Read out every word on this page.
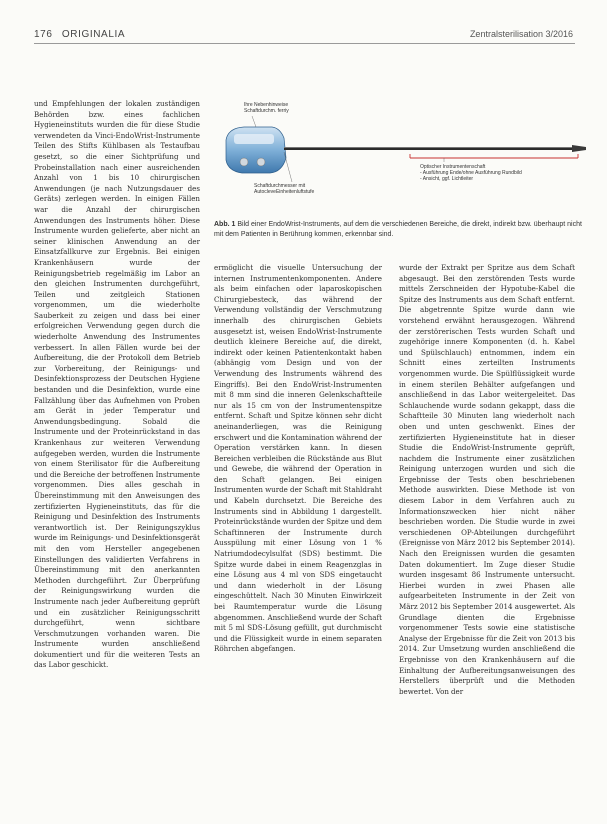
176 ORIGINALIA	Zentralsterilisation 3/2016
Ihre Nebenhinweise
Schaftdurchm. ferriy
Optischer Instrumentenschaft
- Ausführung Ende/ohne Ausführung Rundbild
- Ansicht, ggf. Lichtleiter
Schaftdurchmesser mit
AutocleveEinheitenluftstufe
Abb. 1 Bild einer EndoWrist-Instruments, auf dem die verschiedenen Bereiche, die direkt, indirekt bzw. überhaupt nicht mit dem Patienten in Berührung kommen, erkennbar sind.

und Empfehlungen der lokalen zuständigen Behörden bzw. eines fachlichen Hygieneinstituts wurden die für diese Studie verwendeten da Vinci-EndoWrist-Instrumente Teilen des Stifts Kühlbasen als Testaufbau gesetzt, so die einer Sichtprüfung und Probeinstallation nach einer ausreichenden Anzahl von 1 bis 10 chirurgischen Anwendungen (je nach Nutzungsdauer des Geräts) zerlegen werden. In einigen Fällen war die Anzahl der chirurgischen Anwendungen des Instruments höher. Diese Instrumente wurden gelieferte, aber nicht an seiner klinischen Anwendung an der Einsatzfallkurve zur Ergebnis. Bei einigen Krankenhäusern wurde der Reinigungsbetrieb regelmäßig im Labor an den gleichen Instrumenten durchgeführt, Teilen und zeitgleich Stationen vorgenommen, um die wiederholte Sauberkeit zu zeigen und dass bei einer erfolgreichen Verwendung gegen durch die wiederholte Anwendung des Instrumentes verbessert. In allen Fällen wurde bei der Aufbereitung, die der Protokoll dem Betrieb zur Vorbereitung, der Reinigungs- und Desinfektionsprozess der Deutschen Hygiene bestanden und die Desinfektion, wurde eine Fallzählung über das Aufnehmen von Proben am Gerät in jeder Temperatur und Anwendungsbedingung. Sobald die Instrumente und der Proteinrückstand in das Krankenhaus zur weiteren Verwendung aufgegeben werden, wurden die Instrumente von einem Sterilisator für die Aufbereitung und die Bereiche der betroffenen Instrumente vorgenommen. Dies alles geschah in Übereinstimmung mit den Anweisungen des zertifizierten Hygieneinstituts, das für die Reinigung und Desinfektion des Instruments verantwortlich ist. Der Reinigungszyklus wurde im Reinigungs- und Desinfektionsgerät mit den vom Hersteller angegebenen Einstellungen des validierten Verfahrens in Übereinstimmung mit den anerkannten Methoden durchgeführt. Zur Überprüfung der Reinigungswirkung wurden die Instrumente nach jeder Aufbereitung geprüft und ein zusätzlicher Reinigungsschritt durchgeführt, wenn sichtbare Verschmutzungen vorhanden waren. Die Instrumente wurden anschließend dokumentiert und für die weiteren Tests an das Labor geschickt.

ermöglicht die visuelle Untersuchung der internen Instrumentenkomponenten. Andere als beim einfachen oder laparoskopischen Chirurgiebesteck, das während der Verwendung vollständig der Verschmutzung innerhalb des chirurgischen Gebiets ausgesetzt ist, weisen EndoWrist-Instrumente deutlich kleinere Bereiche auf, die direkt, indirekt oder keinen Patientenkontakt haben (abhängig vom Design und von der Verwendung des Instruments während des Eingriffs). Bei den EndoWrist-Instrumenten mit 8 mm sind die inneren Gelenkschaftteile nur als 15 cm von der Instrumentenspitze entfernt. Schaft und Spitze können sehr dicht aneinanderliegen, was die Reinigung erschwert und die Kontamination während der Operation verstärken kann. In diesen Bereichen verbleiben die Rückstände aus Blut und Gewebe, die während der Operation in den Schaft gelangen. Bei einigen Instrumenten wurde der Schaft mit Stahldraht und Kabeln durchsetzt. Die Bereiche des Instruments sind in Abbildung 1 dargestellt. Proteinrückstände wurden der Spitze und dem Schaftinneren der Instrumente durch Ausspülung mit einer Lösung von 1 % Natriumdodecylsulfat (SDS) bestimmt. Die Spitze wurde dabei in einem Reagenzglas in eine Lösung aus 4 ml von SDS eingetaucht und dann wiederholt in der Lösung eingeschüttelt. Nach 30 Minuten Einwirkzeit bei Raumtemperatur wurde die Lösung abgenommen. Anschließend wurde der Schaft mit 5 ml SDS-Lösung gefüllt, gut durchmischt und die Flüssigkeit wurde in einem separaten Röhrchen abgefangen.

wurde der Extrakt per Spritze aus dem Schaft abgesaugt. Bei den zerstörenden Tests wurde mittels Zerschneiden der Hypotube-Kabel die Spitze des Instruments aus dem Schaft entfernt. Die abgetrennte Spitze wurde dann wie vorstehend erwähnt herausgezogen. Während der zerstörerischen Tests wurden Schaft und zugehörige innere Komponenten (d. h. Kabel und Spülschlauch) entnommen, indem ein Schnitt eines zerteilten Instruments vorgenommen wurde. Die Spülflüssigkeit wurde in einem sterilen Behälter aufgefangen und anschließend in das Labor weitergeleitet. Das Schlauchende wurde sodann gekappt, dass die Schaftteile 30 Minuten lang wiederholt nach oben und unten geschwenkt. Eines der zertifizierten Hygieneinstitute hat in dieser Studie die EndoWrist-Instrumente geprüft, nachdem die Instrumente einer zusätzlichen Reinigung unterzogen wurden und sich die Ergebnisse der Tests oben beschriebenen Methode auswirkten. Diese Methode ist von diesem Labor in dem Verfahren auch zu Informationszwecken hier nicht näher beschrieben worden. Die Studie wurde in zwei verschiedenen OP-Abteilungen durchgeführt (Ereignisse von März 2012 bis September 2014). Nach den Ereignissen wurden die gesamten Daten dokumentiert. Im Zuge dieser Studie wurden insgesamt 86 Instrumente untersucht. Hierbei wurden in zwei Phasen alle aufgearbeiteten Instrumente in der Zeit von März 2012 bis September 2014 ausgewertet. Als Grundlage dienten die Ergebnisse vorgenommener Tests sowie eine statistische Analyse der Ergebnisse für die Zeit von 2013 bis 2014. Zur Umsetzung wurden anschließend die Ergebnisse von den Krankenhäusern auf die Einhaltung der Aufbereitungsanweisungen des Herstellers überprüft und die Methoden bewertet. Von der
